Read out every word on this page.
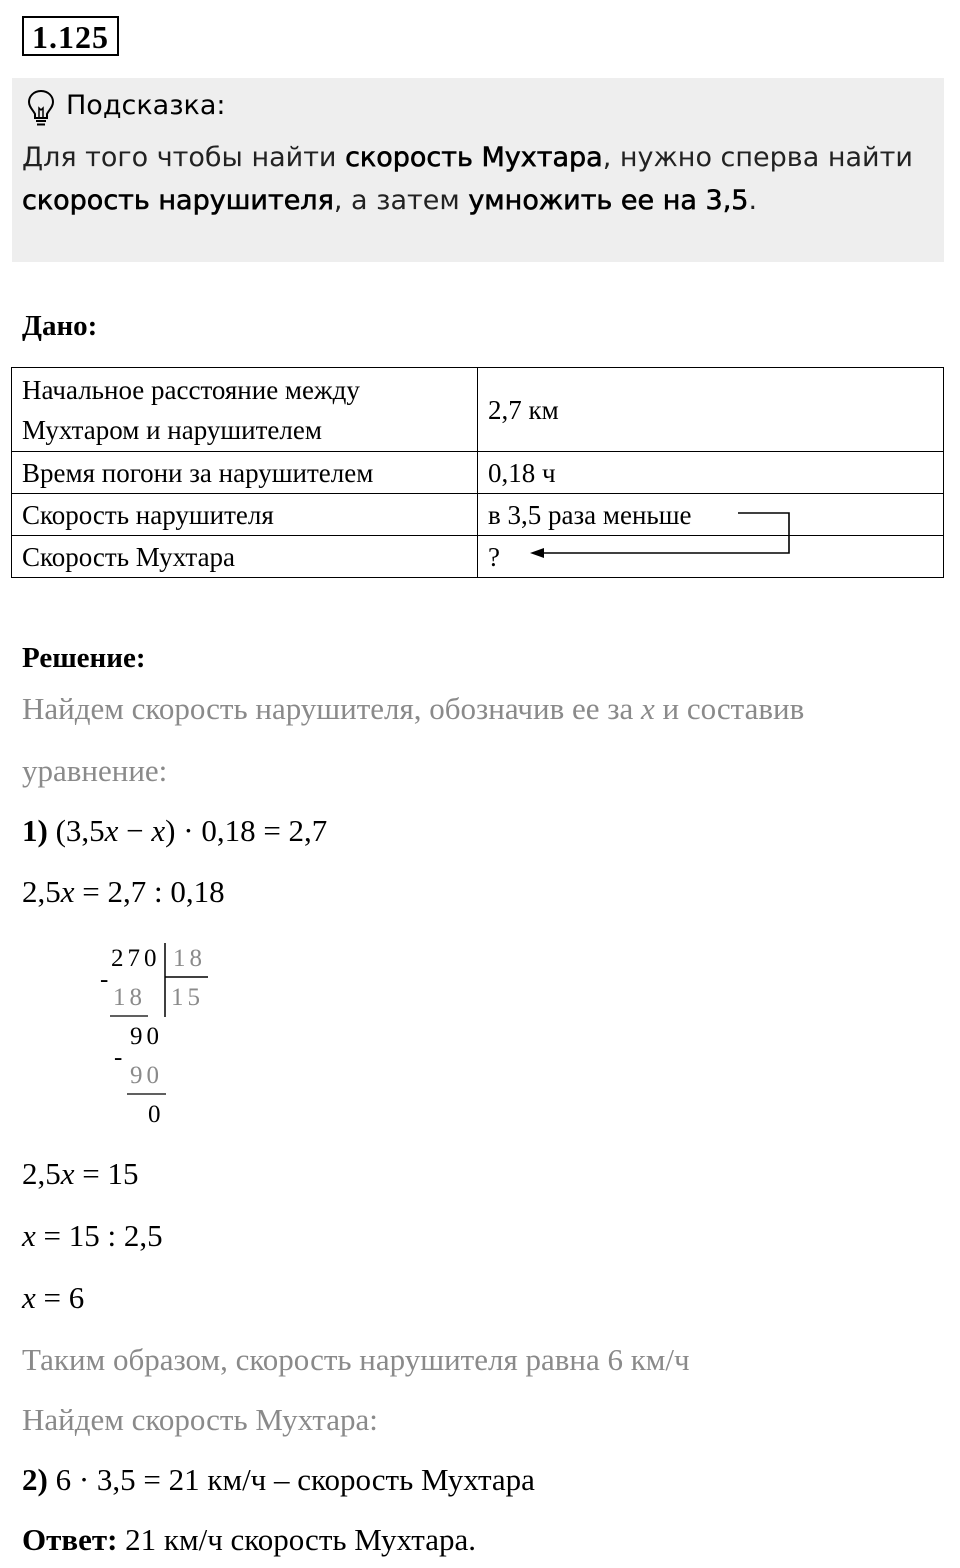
1.125
Подсказка:
Для того чтобы найти скорость Мухтара, нужно сперва найти
скорость нарушителя, а затем умножить ее на 3,5.
Дано:
Начальное расстояние между
Мухтаром и нарушителем	2,7 км
Время погони за нарушителем	0,18 ч
Скорость нарушителя	в 3,5 раза меньше
Скорость Мухтара	?
Решение:
Найдем скорость нарушителя, обозначив ее за x и составив
уравнение:
1) (3,5x − x) · 0,18 = 2,7
2,5x = 2,7 : 0,18
270 18
-
18 15
90
-
90
0
2,5x = 15
x = 15 : 2,5
x = 6
Таким образом, скорость нарушителя равна 6 км/ч
Найдем скорость Мухтара:
2) 6 · 3,5 = 21 км/ч – скорость Мухтара
Ответ: 21 км/ч скорость Мухтара.
